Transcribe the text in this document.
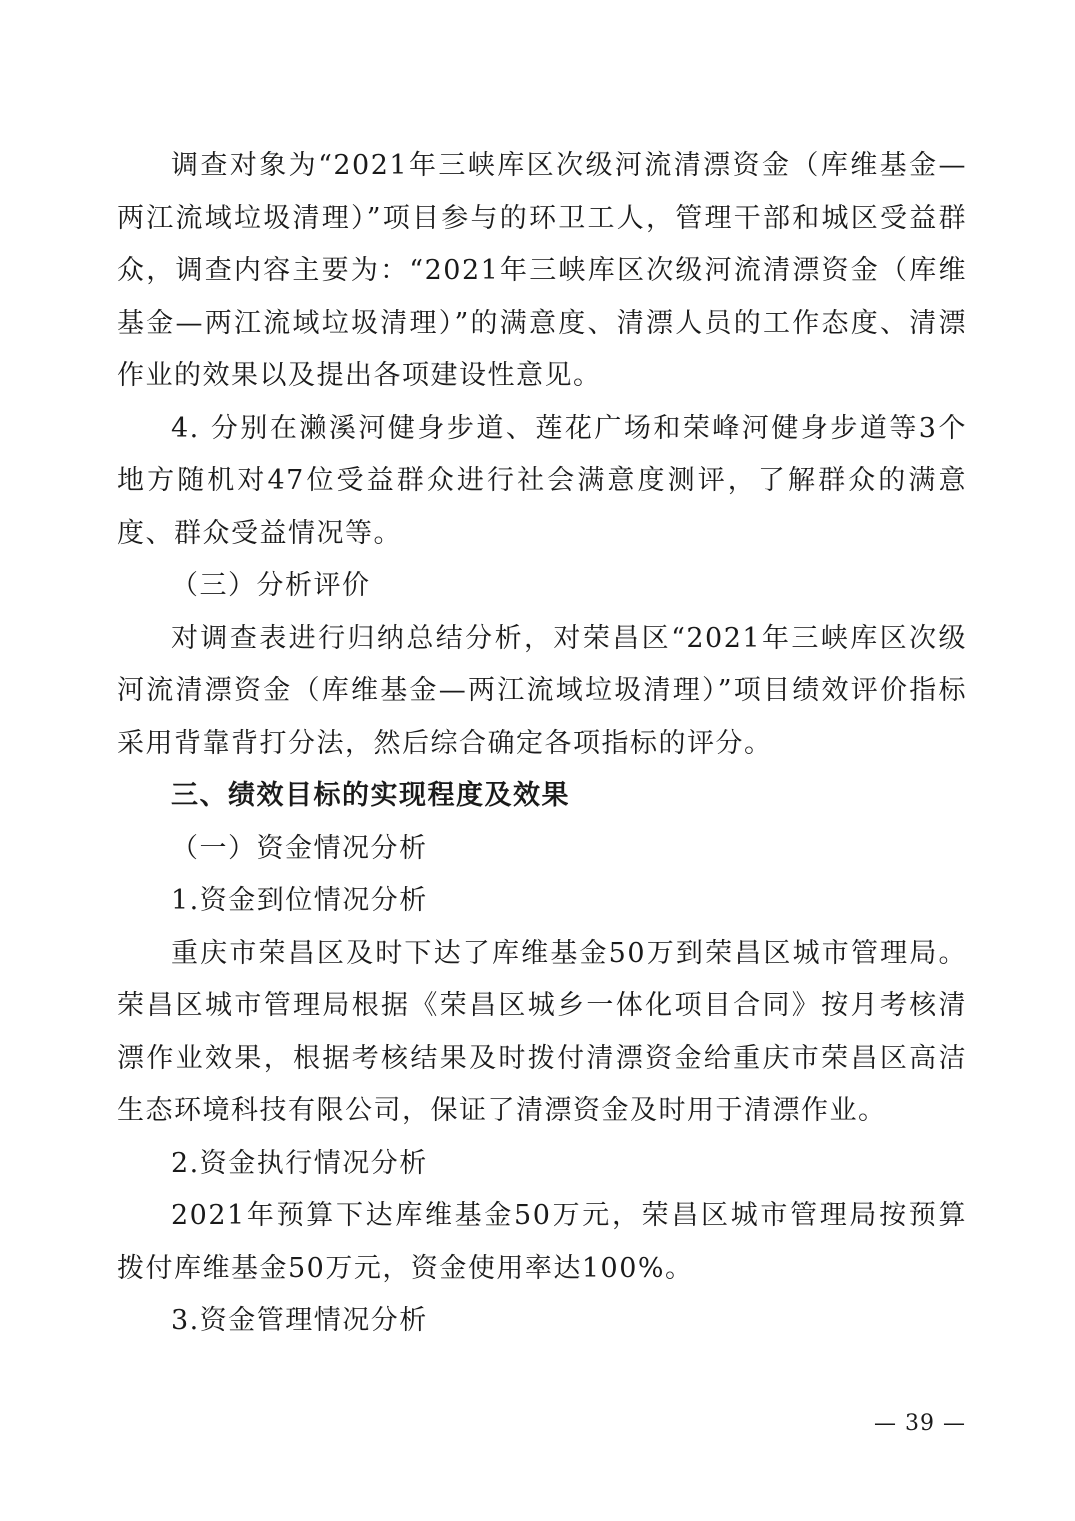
调查对象为“2021年三峡库区次级河流清漂资金（库维基金—两江流域垃圾清理）”项目参与的环卫工人，管理干部和城区受益群众，调查内容主要为：“2021年三峡库区次级河流清漂资金（库维基金—两江流域垃圾清理）”的满意度、清漂人员的工作态度、清漂作业的效果以及提出各项建设性意见。

4. 分别在濑溪河健身步道、莲花广场和荣峰河健身步道等3个地方随机对47位受益群众进行社会满意度测评，了解群众的满意度、群众受益情况等。

（三）分析评价

对调查表进行归纳总结分析，对荣昌区“2021年三峡库区次级河流清漂资金（库维基金—两江流域垃圾清理）”项目绩效评价指标采用背靠背打分法，然后综合确定各项指标的评分。

三、绩效目标的实现程度及效果

（一）资金情况分析

1.资金到位情况分析

重庆市荣昌区及时下达了库维基金50万到荣昌区城市管理局。荣昌区城市管理局根据《荣昌区城乡一体化项目合同》按月考核清漂作业效果，根据考核结果及时拨付清漂资金给重庆市荣昌区高洁生态环境科技有限公司，保证了清漂资金及时用于清漂作业。

2.资金执行情况分析

2021年预算下达库维基金50万元，荣昌区城市管理局按预算拨付库维基金50万元，资金使用率达100%。

3.资金管理情况分析

— 39 —
